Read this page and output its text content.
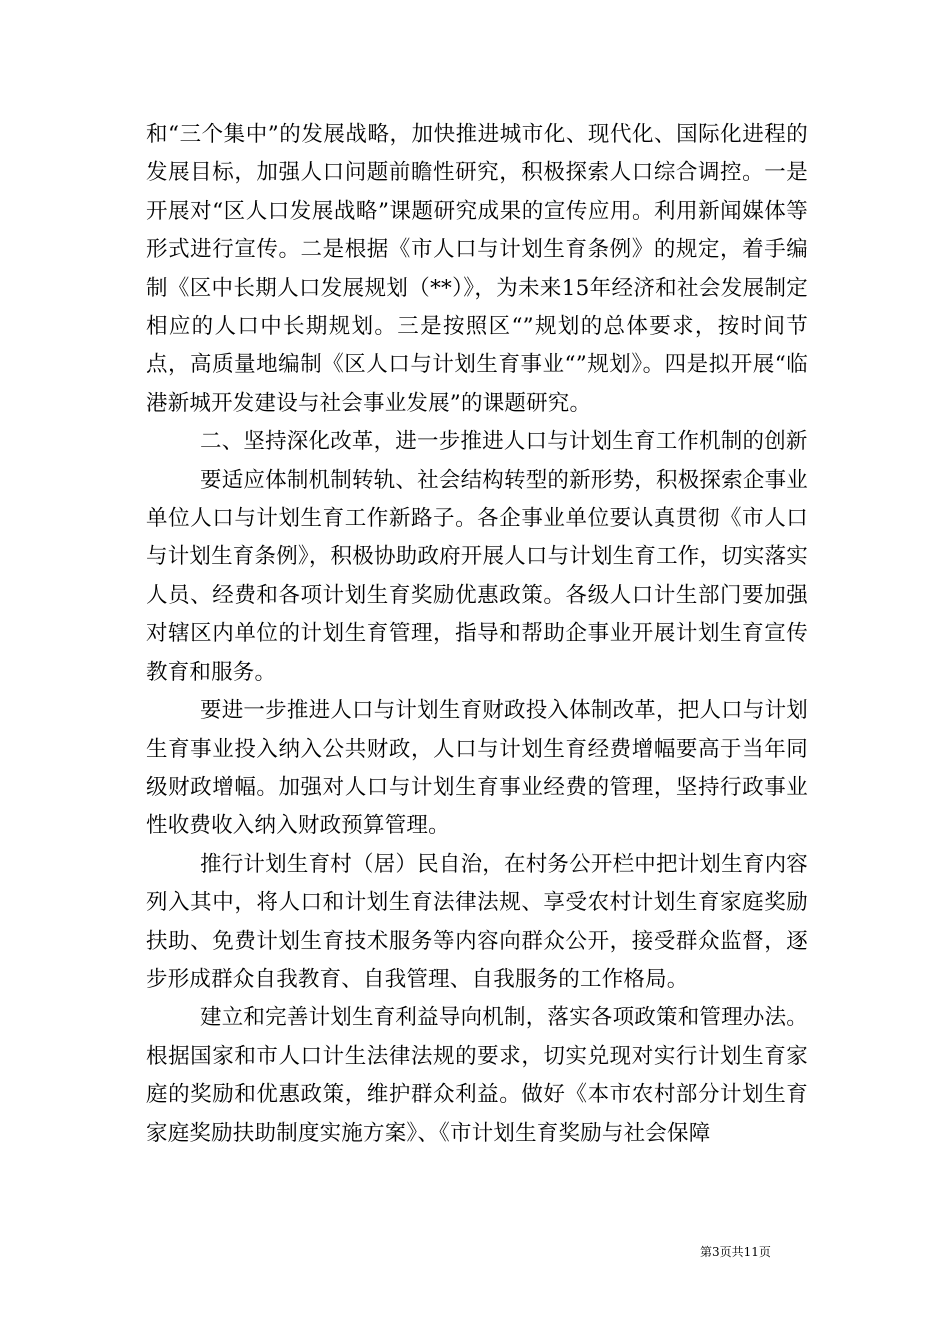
和“三个集中”的发展战略，加快推进城市化、现代化、国际化进程的发展目标，加强人口问题前瞻性研究，积极探索人口综合调控。一是开展对“区人口发展战略”课题研究成果的宣传应用。利用新闻媒体等形式进行宣传。二是根据《市人口与计划生育条例》的规定，着手编制《区中长期人口发展规划（**）》，为未来15年经济和社会发展制定相应的人口中长期规划。三是按照区“”规划的总体要求，按时间节点，高质量地编制《区人口与计划生育事业“”规划》。四是拟开展“临港新城开发建设与社会事业发展”的课题研究。

二、坚持深化改革，进一步推进人口与计划生育工作机制的创新

要适应体制机制转轨、社会结构转型的新形势，积极探索企事业单位人口与计划生育工作新路子。各企事业单位要认真贯彻《市人口与计划生育条例》，积极协助政府开展人口与计划生育工作，切实落实人员、经费和各项计划生育奖励优惠政策。各级人口计生部门要加强对辖区内单位的计划生育管理，指导和帮助企事业开展计划生育宣传教育和服务。

要进一步推进人口与计划生育财政投入体制改革，把人口与计划生育事业投入纳入公共财政，人口与计划生育经费增幅要高于当年同级财政增幅。加强对人口与计划生育事业经费的管理，坚持行政事业性收费收入纳入财政预算管理。

推行计划生育村（居）民自治，在村务公开栏中把计划生育内容列入其中，将人口和计划生育法律法规、享受农村计划生育家庭奖励扶助、免费计划生育技术服务等内容向群众公开，接受群众监督，逐步形成群众自我教育、自我管理、自我服务的工作格局。

建立和完善计划生育利益导向机制，落实各项政策和管理办法。根据国家和市人口计生法律法规的要求，切实兑现对实行计划生育家庭的奖励和优惠政策，维护群众利益。做好《本市农村部分计划生育家庭奖励扶助制度实施方案》、《市计划生育奖励与社会保障

第3页共11页
